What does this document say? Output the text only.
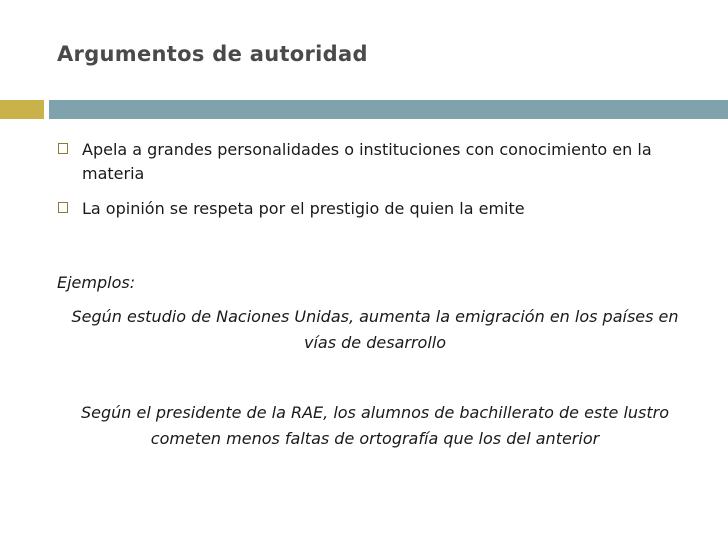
Argumentos de autoridad
Apela a grandes personalidades o instituciones con conocimiento en la materia
La opinión se respeta por el prestigio de quien la emite

Ejemplos:

Según estudio de Naciones Unidas, aumenta la emigración en los países en vías de desarrollo

Según el presidente de la RAE, los alumnos de bachillerato de este lustro cometen menos faltas de ortografía que los del anterior
